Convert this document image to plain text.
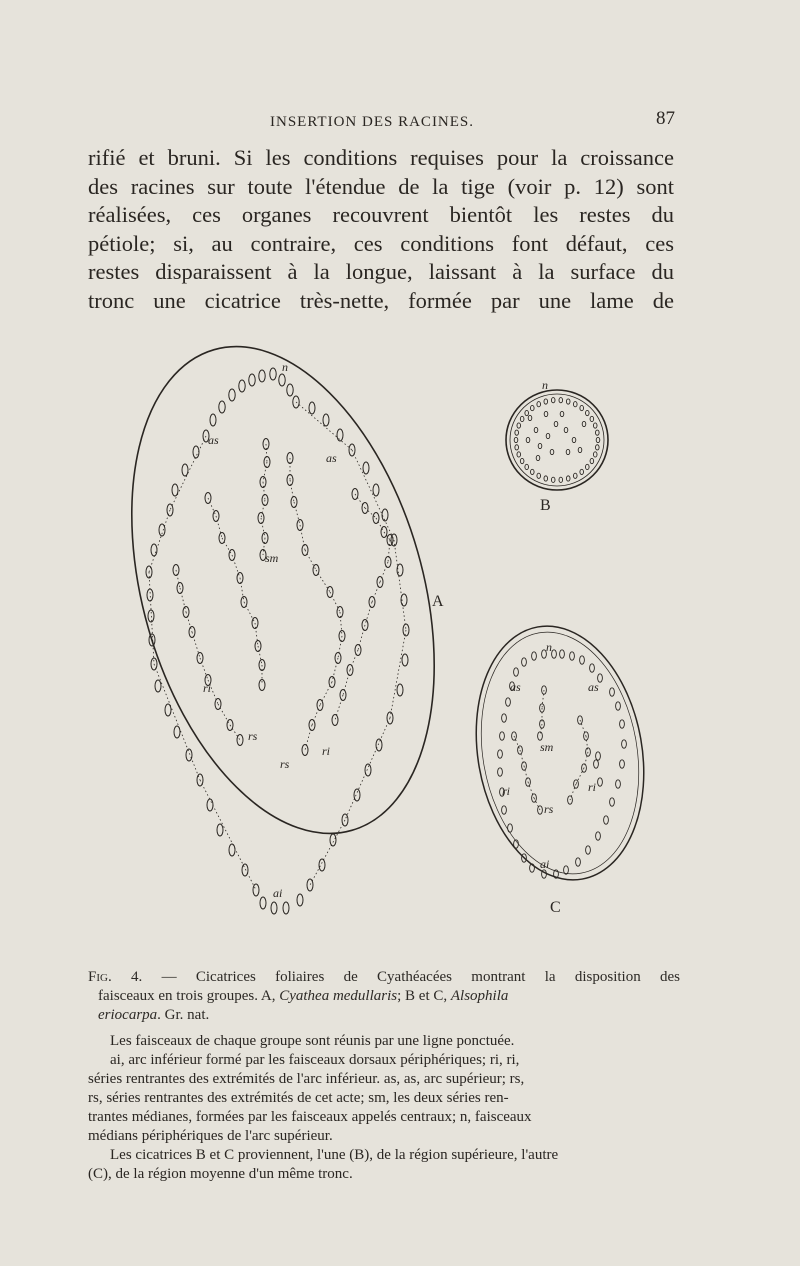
INSERTION DES RACINES.	87
rifié et bruni. Si les conditions requises pour la croissance
des racines sur toute l'étendue de la tige (voir p. 12) sont
réalisées, ces organes recouvrent bientôt les restes du
pétiole; si, au contraire, ces conditions font défaut, ces
restes disparaissent à la longue, laissant à la surface du
tronc une cicatrice très-nette, formée par une lame de
n
as
as
sm
ri
ri
rs
rs
ai
n
n
as	as
sm
ri	ri
rs
ai
A
B
C
Fig. 4. — Cicatrices foliaires de Cyathéacées montrant la disposition des
faisceaux en trois groupes. A, Cyathea medullaris; B et C, Alsophila
eriocarpa. Gr. nat.
Les faisceaux de chaque groupe sont réunis par une ligne ponctuée.
ai, arc inférieur formé par les faisceaux dorsaux périphériques; ri, ri,
séries rentrantes des extrémités de l'arc inférieur. as, as, arc supérieur; rs,
rs, séries rentrantes des extrémités de cet acte; sm, les deux séries ren-
trantes médianes, formées par les faisceaux appelés centraux; n, faisceaux
médians périphériques de l'arc supérieur.
Les cicatrices B et C proviennent, l'une (B), de la région supérieure, l'autre
(C), de la région moyenne d'un même tronc.
